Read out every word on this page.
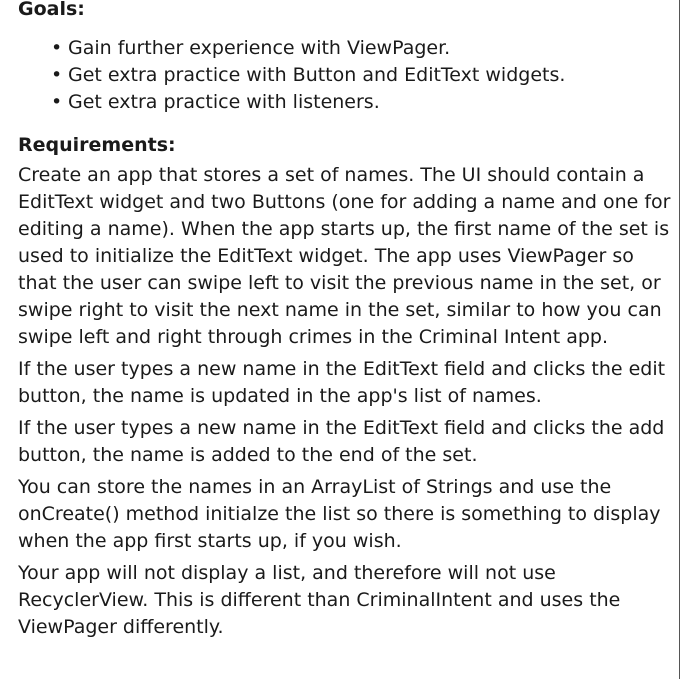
Goals:
• Gain further experience with ViewPager.
• Get extra practice with Button and EditText widgets.
• Get extra practice with listeners.
Requirements:

Create an app that stores a set of names. The UI should contain a EditText widget and two Buttons (one for adding a name and one for editing a name). When the app starts up, the first name of the set is used to initialize the EditText widget. The app uses ViewPager so that the user can swipe left to visit the previous name in the set, or swipe right to visit the next name in the set, similar to how you can swipe left and right through crimes in the Criminal Intent app.

If the user types a new name in the EditText field and clicks the edit button, the name is updated in the app's list of names.

If the user types a new name in the EditText field and clicks the add button, the name is added to the end of the set.

You can store the names in an ArrayList of Strings and use the onCreate() method initialze the list so there is something to display when the app first starts up, if you wish.

Your app will not display a list, and therefore will not use RecyclerView. This is different than CriminalIntent and uses the ViewPager differently.
